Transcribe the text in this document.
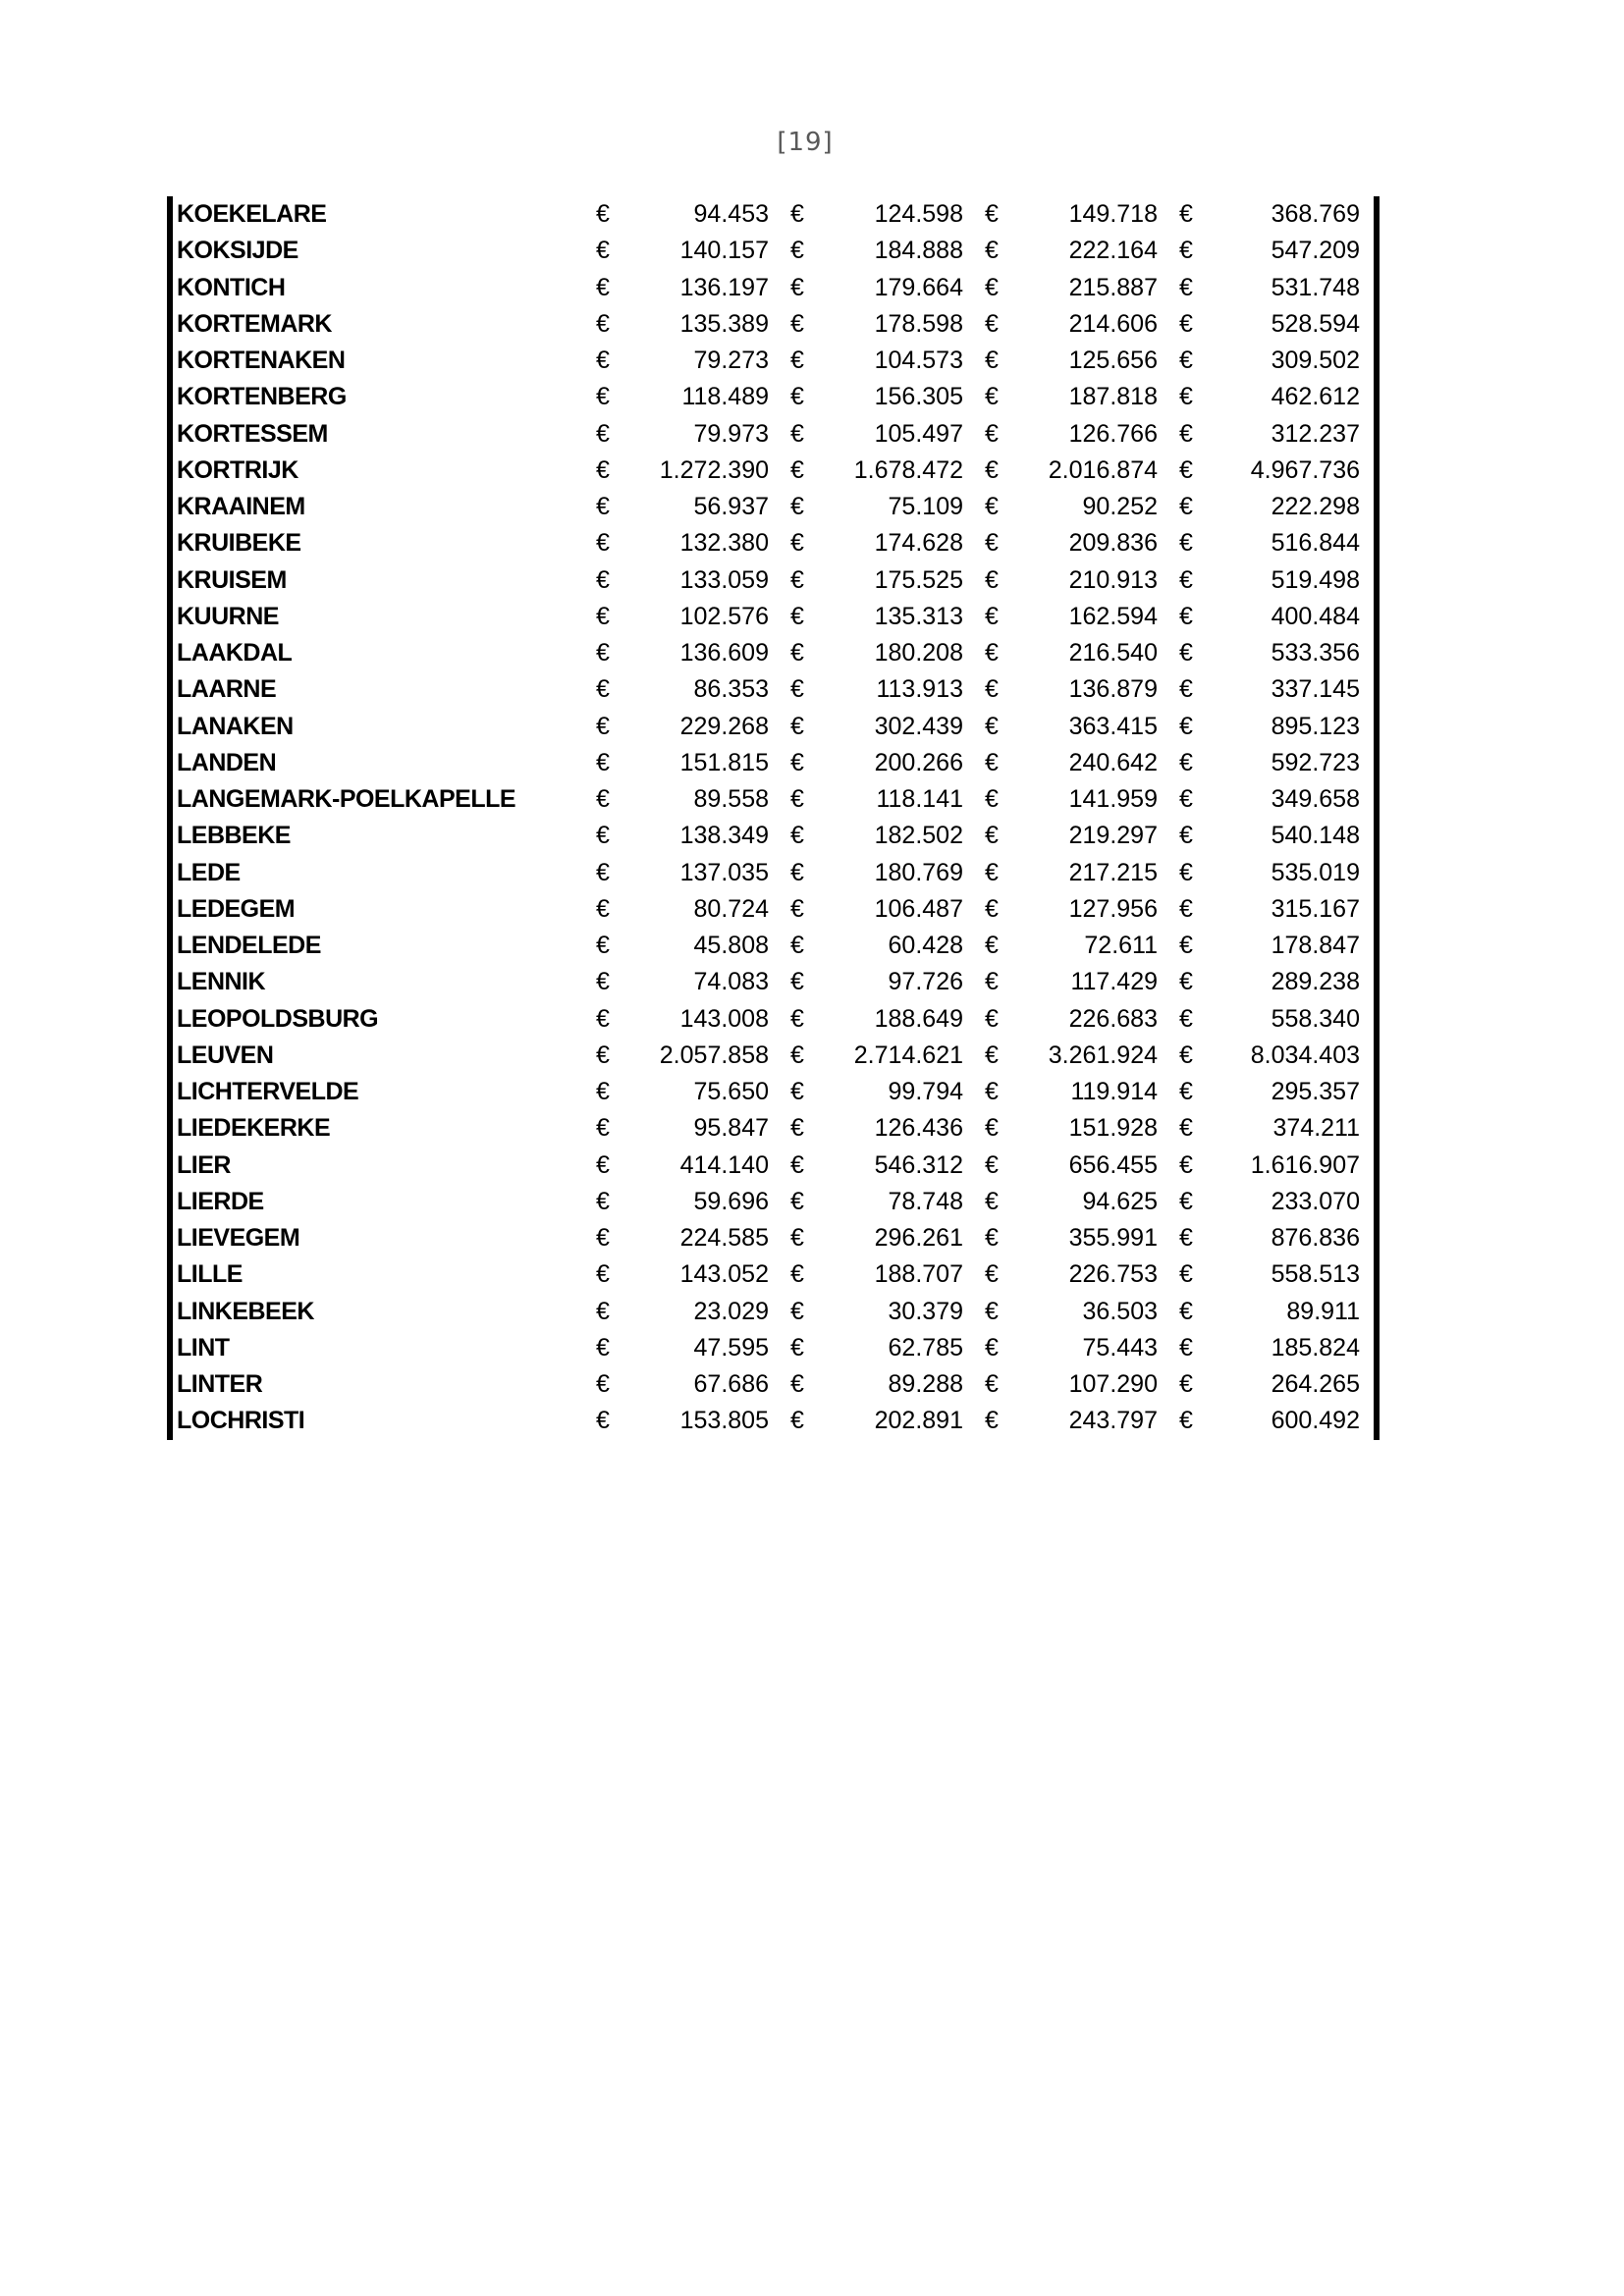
[19]
KOEKELARE	€	94.453 €	124.598 €	149.718 €	368.769
KOKSIJDE	€	140.157 €	184.888 €	222.164 €	547.209
KONTICH	€	136.197 €	179.664 €	215.887 €	531.748
KORTEMARK	€	135.389 €	178.598 €	214.606 €	528.594
KORTENAKEN	€	79.273 €	104.573 €	125.656 €	309.502
KORTENBERG	€	118.489 €	156.305 €	187.818 €	462.612
KORTESSEM	€	79.973 €	105.497 €	126.766 €	312.237
KORTRIJK	€	1.272.390 €	1.678.472 €	2.016.874 €	4.967.736
KRAAINEM	€	56.937 €	75.109 €	90.252 €	222.298
KRUIBEKE	€	132.380 €	174.628 €	209.836 €	516.844
KRUISEM	€	133.059 €	175.525 €	210.913 €	519.498
KUURNE	€	102.576 €	135.313 €	162.594 €	400.484
LAAKDAL	€	136.609 €	180.208 €	216.540 €	533.356
LAARNE	€	86.353 €	113.913 €	136.879 €	337.145
LANAKEN	€	229.268 €	302.439 €	363.415 €	895.123
LANDEN	€	151.815 €	200.266 €	240.642 €	592.723
LANGEMARK-POELKAPELLE	€	89.558 €	118.141 €	141.959 €	349.658
LEBBEKE	€	138.349 €	182.502 €	219.297 €	540.148
LEDE	€	137.035 €	180.769 €	217.215 €	535.019
LEDEGEM	€	80.724 €	106.487 €	127.956 €	315.167
LENDELEDE	€	45.808 €	60.428 €	72.611 €	178.847
LENNIK	€	74.083 €	97.726 €	117.429 €	289.238
LEOPOLDSBURG	€	143.008 €	188.649 €	226.683 €	558.340
LEUVEN	€	2.057.858 €	2.714.621 €	3.261.924 €	8.034.403
LICHTERVELDE	€	75.650 €	99.794 €	119.914 €	295.357
LIEDEKERKE	€	95.847 €	126.436 €	151.928 €	374.211
LIER	€	414.140 €	546.312 €	656.455 €	1.616.907
LIERDE	€	59.696 €	78.748 €	94.625 €	233.070
LIEVEGEM	€	224.585 €	296.261 €	355.991 €	876.836
LILLE	€	143.052 €	188.707 €	226.753 €	558.513
LINKEBEEK	€	23.029 €	30.379 €	36.503 €	89.911
LINT	€	47.595 €	62.785 €	75.443 €	185.824
LINTER	€	67.686 €	89.288 €	107.290 €	264.265
LOCHRISTI	€	153.805 €	202.891 €	243.797 €	600.492
